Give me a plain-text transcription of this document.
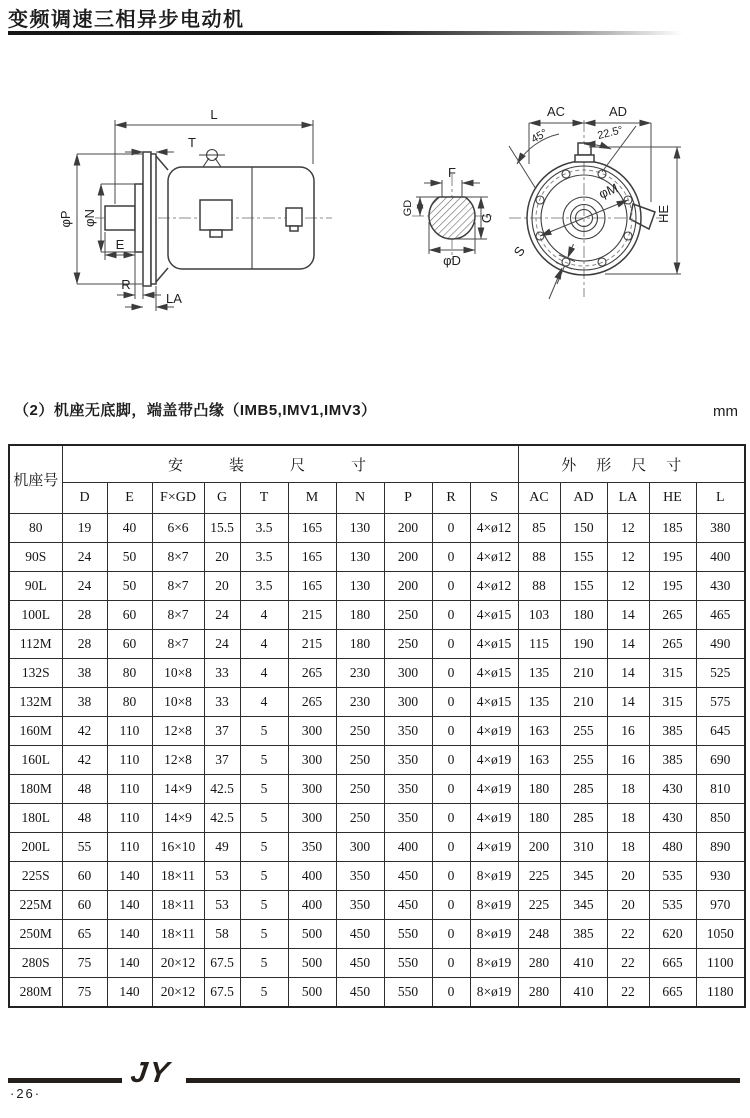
变频调速三相异步电动机
L
T
φP φN
E
R
LA
F
GD
G
φD
AC	AD
HE
45°	22.5°
φM
S
（2）机座无底脚，端盖带凸缘（IMB5,IMV1,IMV3）	mm
机座号	安装尺寸										外形尺寸				
	D	E	F×GD	G	T	M	N	P	R	S	AC	AD	LA	HE	L
80	19	40	6×6	15.5	3.5	165	130	200	0	4×ø12	85	150	12	185	380
90S	24	50	8×7	20	3.5	165	130	200	0	4×ø12	88	155	12	195	400
90L	24	50	8×7	20	3.5	165	130	200	0	4×ø12	88	155	12	195	430
100L	28	60	8×7	24	4	215	180	250	0	4×ø15	103	180	14	265	465
112M	28	60	8×7	24	4	215	180	250	0	4×ø15	115	190	14	265	490
132S	38	80	10×8	33	4	265	230	300	0	4×ø15	135	210	14	315	525
132M	38	80	10×8	33	4	265	230	300	0	4×ø15	135	210	14	315	575
160M	42	110	12×8	37	5	300	250	350	0	4×ø19	163	255	16	385	645
160L	42	110	12×8	37	5	300	250	350	0	4×ø19	163	255	16	385	690
180M	48	110	14×9	42.5	5	300	250	350	0	4×ø19	180	285	18	430	810
180L	48	110	14×9	42.5	5	300	250	350	0	4×ø19	180	285	18	430	850
200L	55	110	16×10	49	5	350	300	400	0	4×ø19	200	310	18	480	890
225S	60	140	18×11	53	5	400	350	450	0	8×ø19	225	345	20	535	930
225M	60	140	18×11	53	5	400	350	450	0	8×ø19	225	345	20	535	970
250M	65	140	18×11	58	5	500	450	550	0	8×ø19	248	385	22	620	1050
280S	75	140	20×12	67.5	5	500	450	550	0	8×ø19	280	410	22	665	1100
280M	75	140	20×12	67.5	5	500	450	550	0	8×ø19	280	410	22	665	1180
JY
·26·
